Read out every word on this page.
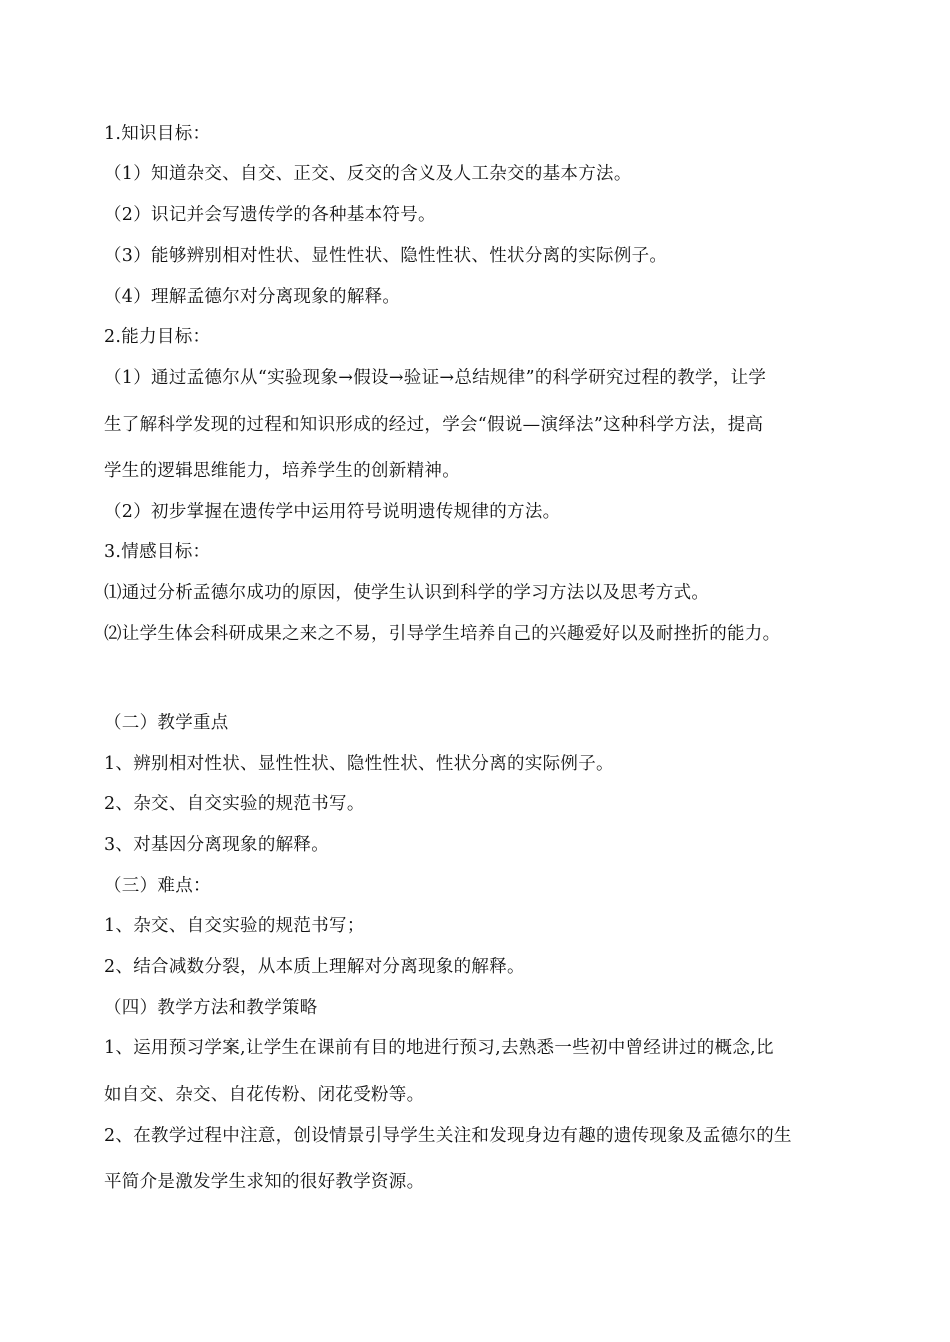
1.知识目标：
（1）知道杂交、自交、正交、反交的含义及人工杂交的基本方法。
（2）识记并会写遗传学的各种基本符号。
（3）能够辨别相对性状、显性性状、隐性性状、性状分离的实际例子。
（4）理解孟德尔对分离现象的解释。
2.能力目标：
（1）通过孟德尔从“实验现象→假设→验证→总结规律”的科学研究过程的教学，让学
生了解科学发现的过程和知识形成的经过，学会“假说—演绎法”这种科学方法，提高
学生的逻辑思维能力，培养学生的创新精神。
（2）初步掌握在遗传学中运用符号说明遗传规律的方法。
3.情感目标：
⑴通过分析孟德尔成功的原因，使学生认识到科学的学习方法以及思考方式。
⑵让学生体会科研成果之来之不易，引导学生培养自己的兴趣爱好以及耐挫折的能力。
（二）教学重点
1、辨别相对性状、显性性状、隐性性状、性状分离的实际例子。
2、杂交、自交实验的规范书写。
3、对基因分离现象的解释。
（三）难点：
1、杂交、自交实验的规范书写；
2、结合减数分裂，从本质上理解对分离现象的解释。
（四）教学方法和教学策略
1、运用预习学案,让学生在课前有目的地进行预习,去熟悉一些初中曾经讲过的概念,比
如自交、杂交、自花传粉、闭花受粉等。
2、在教学过程中注意，创设情景引导学生关注和发现身边有趣的遗传现象及孟德尔的生
平简介是激发学生求知的很好教学资源。
